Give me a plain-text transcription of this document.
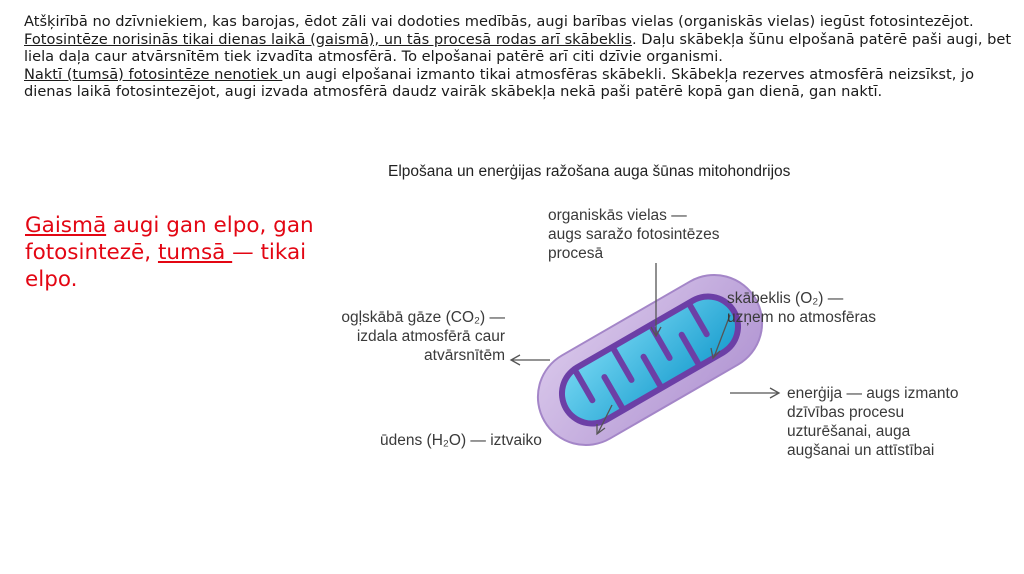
Atšķirībā no dzīvniekiem, kas barojas, ēdot zāli vai dodoties medībās, augi barības vielas (organiskās vielas) iegūst fotosintezējot. Fotosintēze norisinās tikai dienas laikā (gaismā), un tās procesā rodas arī skābeklis. Daļu skābekļa šūnu elpošanā patērē paši augi, bet liela daļa caur atvārsnītēm tiek izvadīta atmosfērā. To elpošanai patērē arī citi dzīvie organismi.

Naktī (tumsā) fotosintēze nenotiek un augi elpošanai izmanto tikai atmosfēras skābekli. Skābekļa rezerves atmosfērā neizsīkst, jo dienas laikā fotosintezējot, augi izvada atmosfērā daudz vairāk skābekļa nekā paši patērē kopā gan dienā, gan naktī.

Gaismā augi gan elpo, gan fotosintezē, tumsā — tikai elpo.
Elpošana un enerģijas ražošana auga šūnas mitohondrijos
organiskās vielas —
augs saražo fotosintēzes
procesā
skābeklis (O₂) —
uzņem no atmosfēras
ogļskābā gāze (CO₂) —
izdala atmosfērā caur
atvārsnītēm
enerģija — augs izmanto
dzīvības procesu
uzturēšanai, auga
augšanai un attīstībai
ūdens (H₂O) — iztvaiko
